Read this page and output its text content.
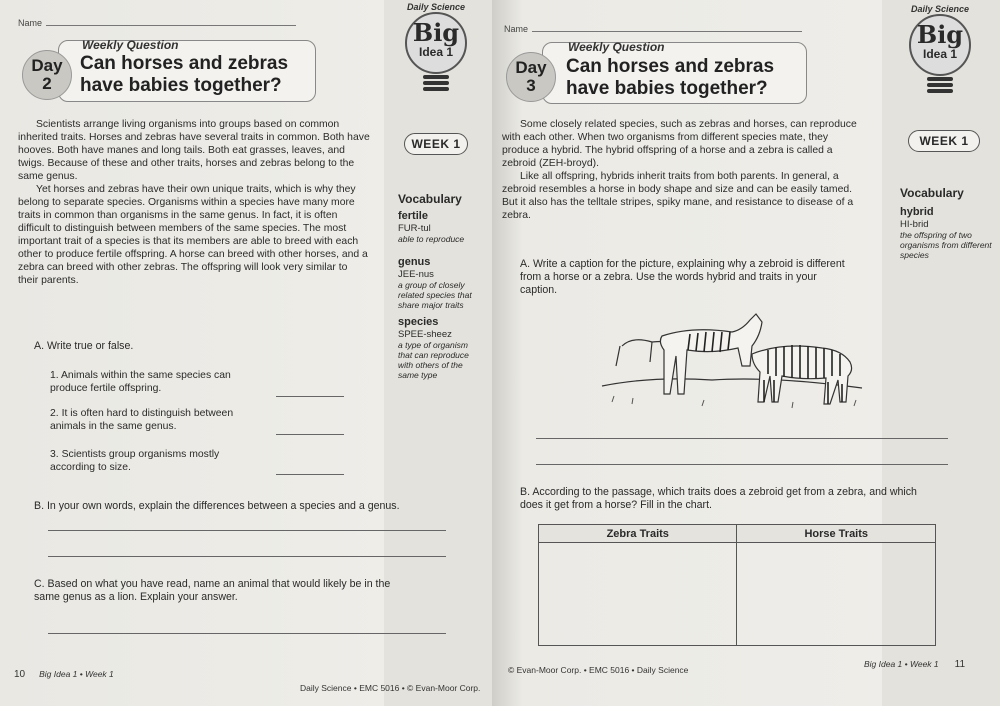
Name
Day
2
Weekly Question
Can horses and zebras
have babies together?
Daily Science
Big
Idea 1
WEEK 1
Vocabulary
fertile
FUR-tul
able to reproduce
genus
JEE-nus
a group of closely related species that share major traits
species
SPEE-sheez
a type of organism that can reproduce with others of the same type

Scientists arrange living organisms into groups based on common inherited traits. Horses and zebras have several traits in common. Both have hooves. Both have manes and long tails. Both eat grasses, leaves, and twigs. Because of these and other traits, horses and zebras belong to the same genus.

Yet horses and zebras have their own unique traits, which is why they belong to separate species. Organisms within a species have many more traits in common than organisms in the same genus. In fact, it is often difficult to distinguish between members of the same species. The most important trait of a species is that its members are able to breed with each other to produce fertile offspring. A horse can breed with other horses, and a zebra can breed with other zebras. The offspring will look very similar to their parents.

A. Write true or false.
1. Animals within the same species can produce fertile offspring.
2. It is often hard to distinguish between animals in the same genus.
3. Scientists group organisms mostly according to size.
B. In your own words, explain the differences between a species and a genus.
C. Based on what you have read, name an animal that would likely be in the same genus as a lion. Explain your answer.
10 Big Idea 1 • Week 1
Daily Science • EMC 5016 • © Evan-Moor Corp.
Name
Day
3
Weekly Question
Can horses and zebras
have babies together?
Daily Science
Big
Idea 1
WEEK 1
Vocabulary
hybrid
HI-brid
the offspring of two organisms from different species

Some closely related species, such as zebras and horses, can reproduce with each other. When two organisms from different species mate, they produce a hybrid. The hybrid offspring of a horse and a zebra is called a zebroid (ZEH-broyd).

Like all offspring, hybrids inherit traits from both parents. In general, a zebroid resembles a horse in body shape and size and can be easily tamed. But it also has the telltale stripes, spiky mane, and resistance to disease of a zebra.

A. Write a caption for the picture, explaining why a zebroid is different from a horse or a zebra. Use the words hybrid and traits in your caption.
B. According to the passage, which traits does a zebroid get from a zebra, and which does it get from a horse? Fill in the chart.
Zebra Traits	Horse Traits

© Evan-Moor Corp. • EMC 5016 • Daily Science
Big Idea 1 • Week 1 11
